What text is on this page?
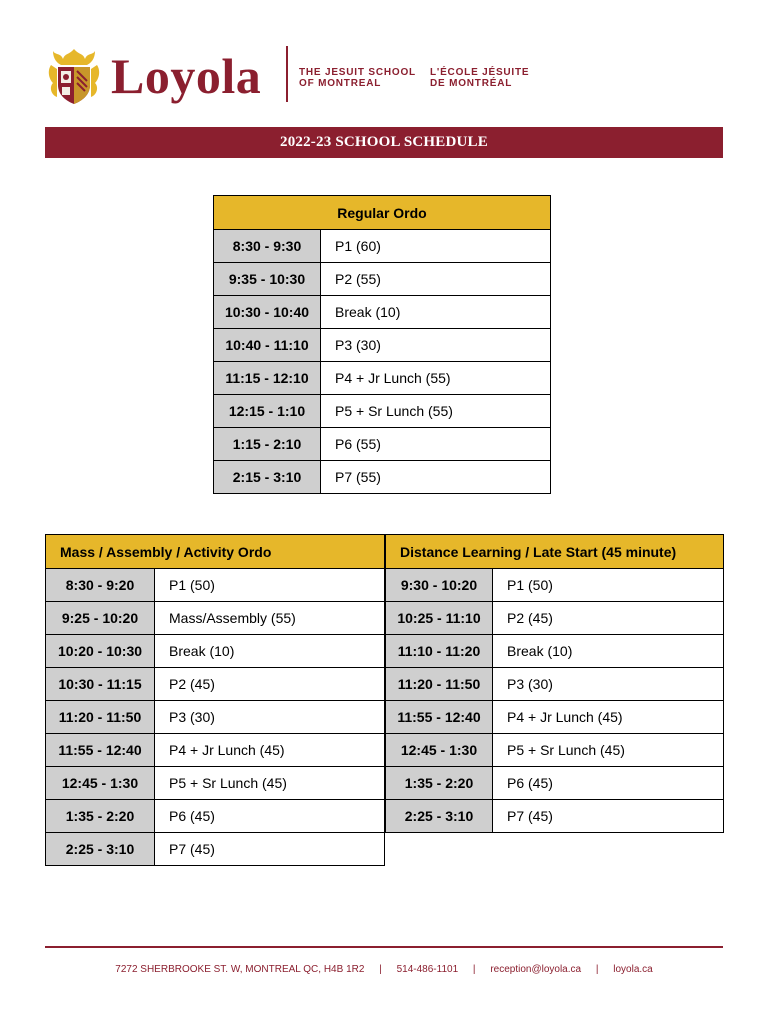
Loyola	THE JESUIT SCHOOL
OF MONTREAL
L'ÉCOLE JÉSUITE
DE MONTRÉAL
2022-23 SCHOOL SCHEDULE
Regular Ordo	
8:30 - 9:30	P1 (60)
9:35 - 10:30	P2 (55)
10:30 - 10:40	Break (10)
10:40 - 11:10	P3 (30)
11:15 - 12:10	P4 + Jr Lunch (55)
12:15 - 1:10	P5 + Sr Lunch (55)
1:15 - 2:10	P6 (55)
2:15 - 3:10	P7 (55)
Mass / Assembly / Activity Ordo	
8:30 - 9:20	P1 (50)
9:25 - 10:20	Mass/Assembly (55)
10:20 - 10:30	Break (10)
10:30 - 11:15	P2 (45)
11:20 - 11:50	P3 (30)
11:55 - 12:40	P4 + Jr Lunch (45)
12:45 - 1:30	P5 + Sr Lunch (45)
1:35 - 2:20	P6 (45)
2:25 - 3:10	P7 (45)
Distance Learning / Late Start (45 minute)	
9:30 - 10:20	P1 (50)
10:25 - 11:10	P2 (45)
11:10 - 11:20	Break (10)
11:20 - 11:50	P3 (30)
11:55 - 12:40	P4 + Jr Lunch (45)
12:45 - 1:30	P5 + Sr Lunch (45)
1:35 - 2:20	P6 (45)
2:25 - 3:10	P7 (45)
7272 SHERBROOKE ST. W, MONTREAL QC, H4B 1R2 | 514-486-1101 | reception@loyola.ca | loyola.ca
